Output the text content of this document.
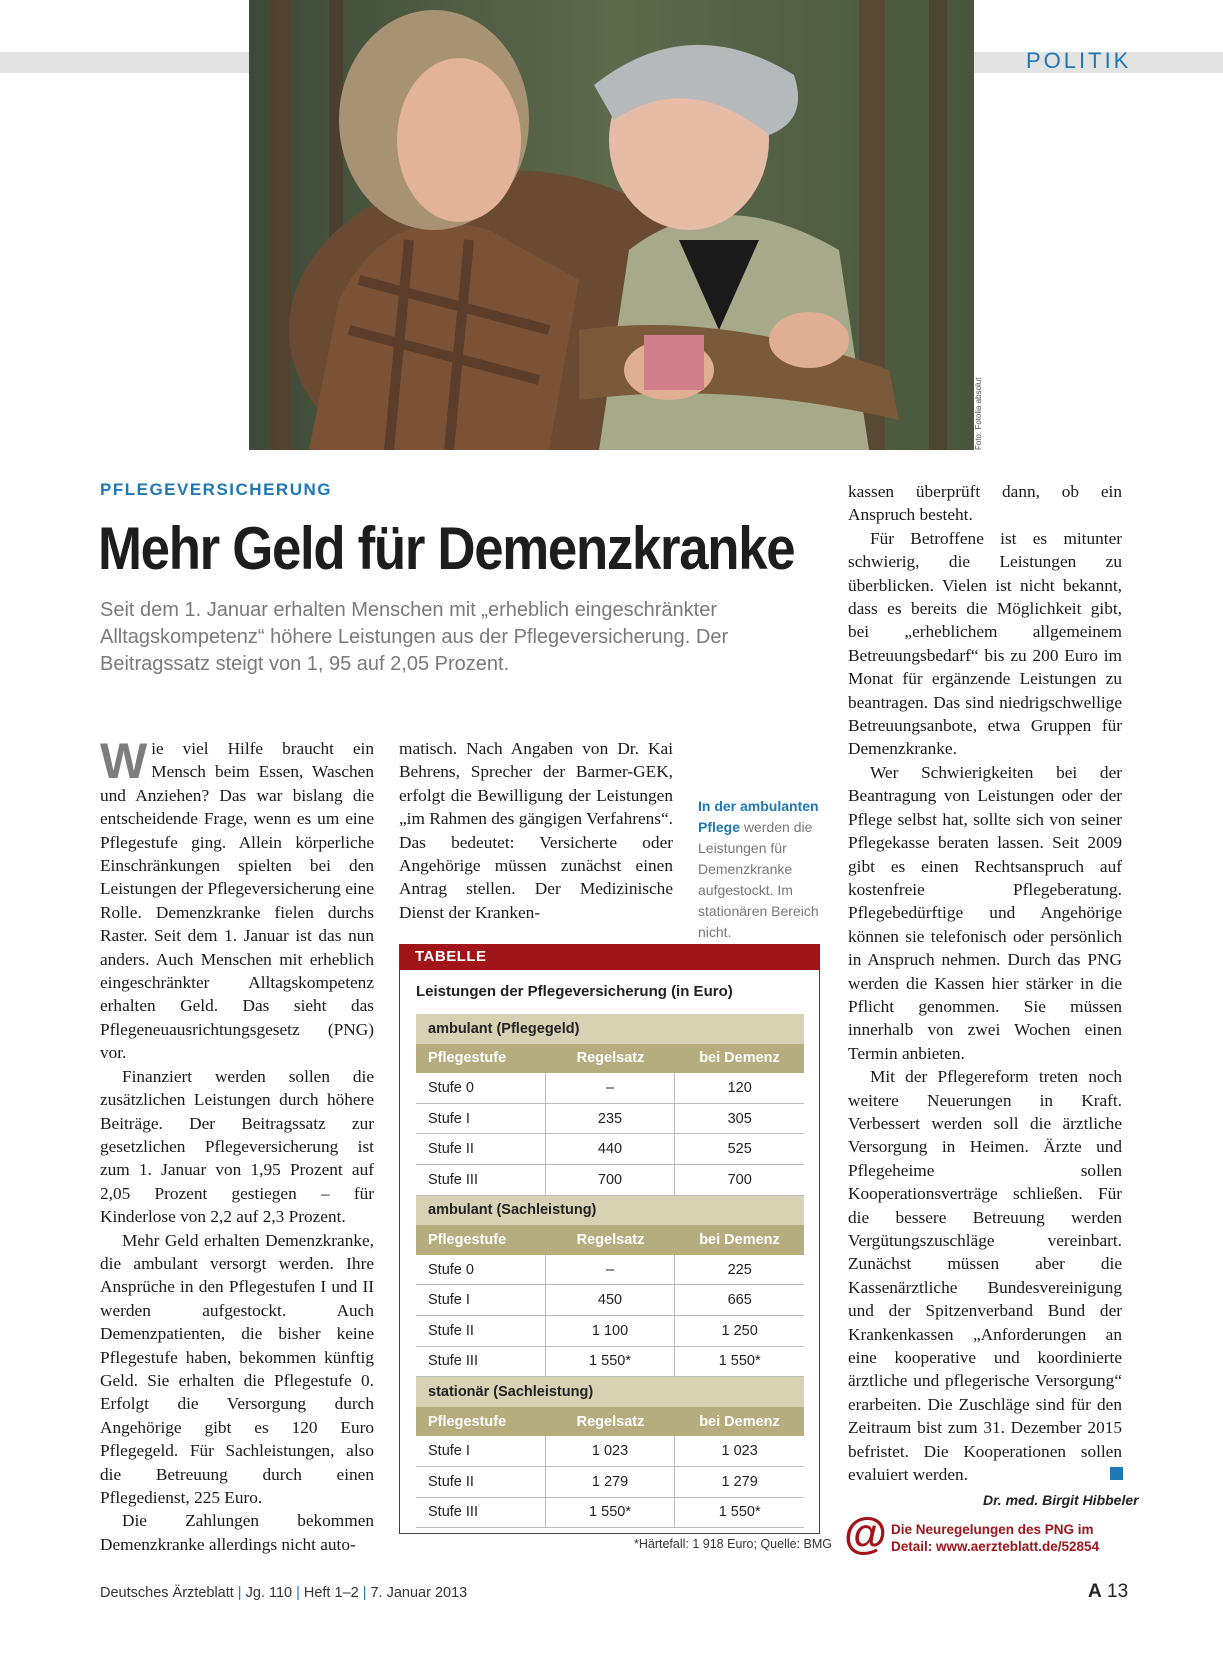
POLITIK
Foto: Fotolia absolut
PFLEGEVERSICHERUNG
Mehr Geld für Demenzkranke
Seit dem 1. Januar erhalten Menschen mit „erheblich eingeschränkter Alltagskompetenz“ höhere Leistungen aus der Pflegeversicherung. Der Beitragssatz steigt von 1, 95 auf 2,05 Prozent.

Wie viel Hilfe braucht ein Mensch beim Essen, Waschen und Anziehen? Das war bislang die entscheidende Frage, wenn es um eine Pflegestufe ging. Allein körperliche Einschränkungen spielten bei den Leistungen der Pflegeversicherung eine Rolle. Demenzkranke fielen durchs Raster. Seit dem 1. Januar ist das nun anders. Auch Menschen mit erheblich eingeschränkter Alltagskompetenz erhalten Geld. Das sieht das Pflegeneuausrichtungsgesetz (PNG) vor.

Finanziert werden sollen die zusätzlichen Leistungen durch höhere Beiträge. Der Beitragssatz zur gesetzlichen Pflegeversicherung ist zum 1. Januar von 1,95 Prozent auf 2,05 Prozent gestiegen – für Kinderlose von 2,2 auf 2,3 Prozent.

Mehr Geld erhalten Demenzkranke, die ambulant versorgt werden. Ihre Ansprüche in den Pflegestufen I und II werden aufgestockt. Auch Demenzpatienten, die bisher keine Pflegestufe haben, bekommen künftig Geld. Sie erhalten die Pflegestufe 0. Erfolgt die Versorgung durch Angehörige gibt es 120 Euro Pflegegeld. Für Sachleistungen, also die Betreuung durch einen Pflegedienst, 225 Euro.

Die Zahlungen bekommen Demenzkranke allerdings nicht auto-

matisch. Nach Angaben von Dr. Kai Behrens, Sprecher der Barmer-GEK, erfolgt die Bewilligung der Leistungen „im Rahmen des gängigen Verfahrens“. Das bedeutet: Versicherte oder Angehörige müssen zunächst einen Antrag stellen. Der Medizinische Dienst der Kranken-

In der ambulanten Pflege werden die Leistungen für Demenzkranke aufgestockt. Im stationären Bereich nicht.
TABELLE
Leistungen der Pflegeversicherung (in Euro)
ambulant (Pflegegeld)
Pflegestufe	Regelsatz	bei Demenz
Stufe 0	–	120
Stufe I	235	305
Stufe II	440	525
Stufe III	700	700
ambulant (Sachleistung)
Pflegestufe	Regelsatz	bei Demenz
Stufe 0	–	225
Stufe I	450	665
Stufe II	1 100	1 250
Stufe III	1 550*	1 550*
stationär (Sachleistung)
Pflegestufe	Regelsatz	bei Demenz
Stufe I	1 023	1 023
Stufe II	1 279	1 279
Stufe III	1 550*	1 550*
*Härtefall: 1 918 Euro; Quelle: BMG

kassen überprüft dann, ob ein Anspruch besteht.

Für Betroffene ist es mitunter schwierig, die Leistungen zu überblicken. Vielen ist nicht bekannt, dass es bereits die Möglichkeit gibt, bei „erheblichem allgemeinem Betreuungsbedarf“ bis zu 200 Euro im Monat für ergänzende Leistungen zu beantragen. Das sind niedrigschwellige Betreuungsanbote, etwa Gruppen für Demenzkranke.

Wer Schwierigkeiten bei der Beantragung von Leistungen oder der Pflege selbst hat, sollte sich von seiner Pflegekasse beraten lassen. Seit 2009 gibt es einen Rechtsanspruch auf kostenfreie Pflegeberatung. Pflegebedürftige und Angehörige können sie telefonisch oder persönlich in Anspruch nehmen. Durch das PNG werden die Kassen hier stärker in die Pflicht genommen. Sie müssen innerhalb von zwei Wochen einen Termin anbieten.

Mit der Pflegereform treten noch weitere Neuerungen in Kraft. Verbessert werden soll die ärztliche Versorgung in Heimen. Ärzte und Pflegeheime sollen Kooperationsverträge schließen. Für die bessere Betreuung werden Vergütungszuschläge vereinbart. Zunächst müssen aber die Kassenärztliche Bundesvereinigung und der Spitzenverband Bund der Krankenkassen „Anforderungen an eine kooperative und koordinierte ärztliche und pflegerische Versorgung“ erarbeiten. Die Zuschläge sind für den Zeitraum bist zum 31. Dezember 2015 befristet. Die Kooperationen sollen evaluiert werden.

Dr. med. Birgit Hibbeler
@ Die Neuregelungen des PNG im
Detail: www.aerzteblatt.de/52854
Deutsches Ärzteblatt | Jg. 110 | Heft 1–2 | 7. Januar 2013	A 13
